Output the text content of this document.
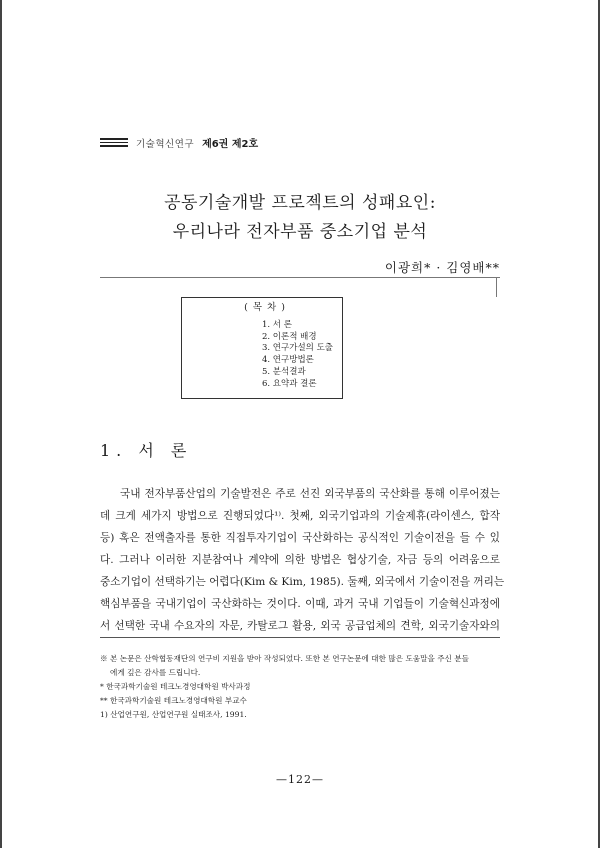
기술혁신연구 제6권 제2호
공동기술개발 프로젝트의 성패요인:
우리나라 전자부품 중소기업 분석
이광희* · 김영배**
( 목 차 )
1. 서 론
2. 이론적 배경
3. 연구가설의 도출
4. 연구방법론
5. 분석결과
6. 요약과 결론
1. 서 론
국내 전자부품산업의 기술발전은 주로 선진 외국부품의 국산화를 통해 이루어졌는
데 크게 세가지 방법으로 진행되었다¹⁾. 첫째, 외국기업과의 기술제휴(라이센스, 합작
등) 혹은 전액출자를 통한 직접투자기업이 국산화하는 공식적인 기술이전을 들 수 있
다. 그러나 이러한 지분참여나 계약에 의한 방법은 협상기술, 자금 등의 어려움으로
중소기업이 선택하기는 어렵다(Kim & Kim, 1985). 둘째, 외국에서 기술이전을 꺼리는
핵심부품을 국내기업이 국산화하는 것이다. 이때, 과거 국내 기업들이 기술혁신과정에
서 선택한 국내 수요자의 자문, 카탈로그 활용, 외국 공급업체의 견학, 외국기술자와의
※ 본 논문은 산학협동재단의 연구비 지원을 받아 작성되었다. 또한 본 연구논문에 대한 많은 도움말을 주신 분들
에게 깊은 감사를 드립니다.
* 한국과학기술원 테크노경영대학원 박사과정
** 한국과학기술원 테크노경영대학원 부교수
1) 산업연구원, 산업연구원 실태조사, 1991.
—122—
